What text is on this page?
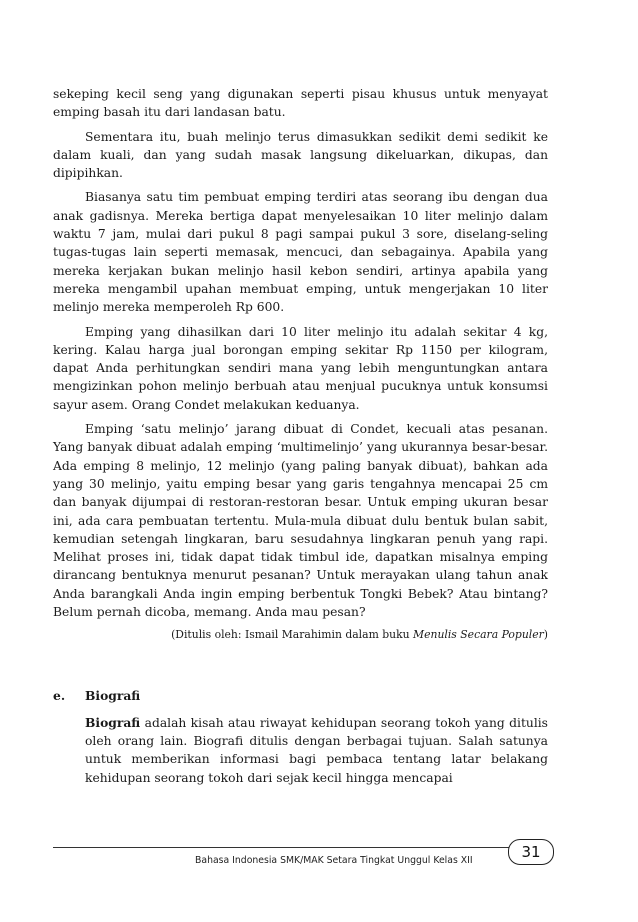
sekeping kecil seng yang digunakan seperti pisau khusus untuk menyayat emping basah itu dari landasan batu.

Sementara itu, buah melinjo terus dimasukkan sedikit demi sedikit ke dalam kuali, dan yang sudah masak langsung dikeluarkan, dikupas, dan dipipihkan.

Biasanya satu tim pembuat emping terdiri atas seorang ibu dengan dua anak gadisnya. Mereka bertiga dapat menyelesaikan 10 liter melinjo dalam waktu 7 jam, mulai dari pukul 8 pagi sampai pukul 3 sore, diselang-seling tugas-tugas lain seperti memasak, mencuci, dan sebagainya. Apabila yang mereka kerjakan bukan melinjo hasil kebon sendiri, artinya apabila yang mereka mengambil upahan membuat emping, untuk mengerjakan 10 liter melinjo mereka memperoleh Rp 600.

Emping yang dihasilkan dari 10 liter melinjo itu adalah sekitar 4 kg, kering. Kalau harga jual borongan emping sekitar Rp 1150 per kilogram, dapat Anda perhitungkan sendiri mana yang lebih menguntungkan antara mengizinkan pohon melinjo berbuah atau menjual pucuknya untuk konsumsi sayur asem. Orang Condet melakukan keduanya.

Emping ‘satu melinjo’ jarang dibuat di Condet, kecuali atas pesanan. Yang banyak dibuat adalah emping ‘multimelinjo’ yang ukurannya besar-besar. Ada emping 8 melinjo, 12 melinjo (yang paling banyak dibuat), bahkan ada yang 30 melinjo, yaitu emping besar yang garis tengahnya mencapai 25 cm dan banyak dijumpai di restoran-restoran besar. Untuk emping ukuran besar ini, ada cara pembuatan tertentu. Mula-mula dibuat dulu bentuk bulan sabit, kemudian setengah lingkaran, baru sesudahnya lingkaran penuh yang rapi. Melihat proses ini, tidak dapat tidak timbul ide, dapatkan misalnya emping dirancang bentuknya menurut pesanan? Untuk merayakan ulang tahun anak Anda barangkali Anda ingin emping berbentuk Tongki Bebek? Atau bintang? Belum pernah dicoba, memang. Anda mau pesan?

(Ditulis oleh: Ismail Marahimin dalam buku Menulis Secara Populer)

e. Biografi

Biografi adalah kisah atau riwayat kehidupan seorang tokoh yang ditulis oleh orang lain. Biografi ditulis dengan berbagai tujuan. Salah satunya untuk memberikan informasi bagi pembaca tentang latar belakang kehidupan seorang tokoh dari sejak kecil hingga mencapai

Bahasa Indonesia SMK/MAK Setara Tingkat Unggul Kelas XII	31
